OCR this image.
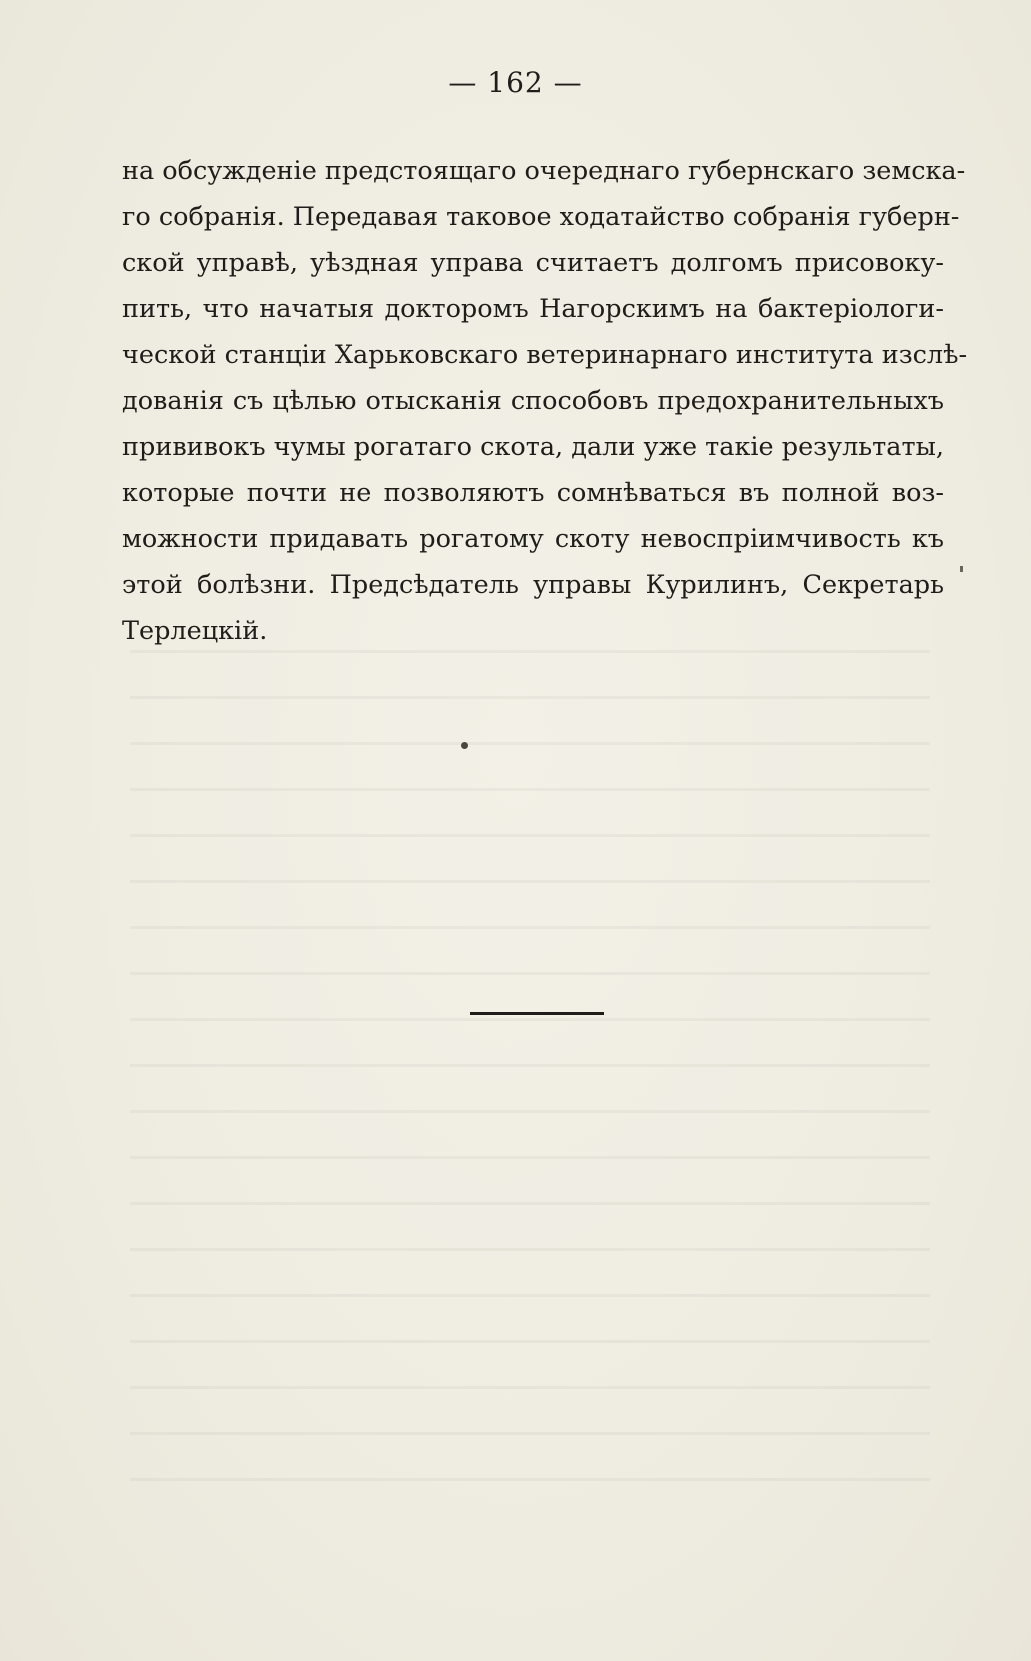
— 162 —
на обсужденіе предстоящаго очереднаго губернскаго земска-
го собранія. Передавая таковое ходатайство собранія губерн-
ской управѣ, уѣздная управа считаетъ долгомъ присовоку-
пить, что начатыя докторомъ Нагорскимъ на бактеріологи-
ческой станціи Харьковскаго ветеринарнаго института изслѣ-
дованія съ цѣлью отысканія способовъ предохранительныхъ
прививокъ чумы рогатаго скота, дали уже такіе результаты,
которые почти не позволяютъ сомнѣваться въ полной воз-
можности придавать рогатому скоту невоспріимчивость къ
этой болѣзни. Предсѣдатель управы Курилинъ, Секретарь
Терлецкій.
